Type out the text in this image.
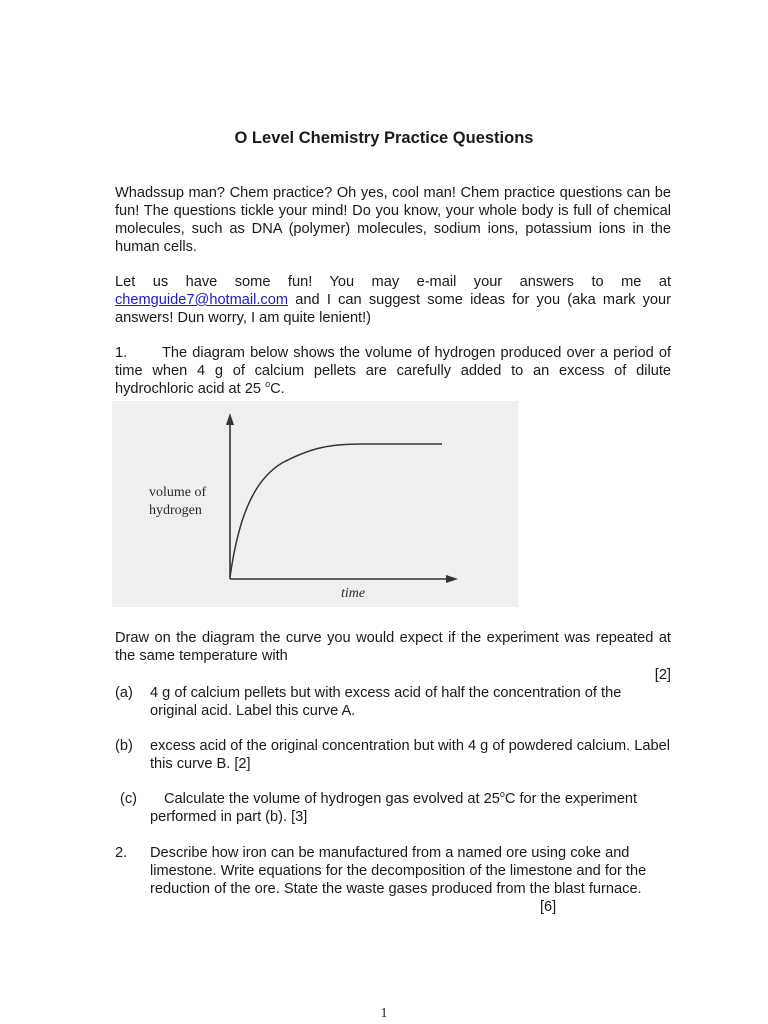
O Level Chemistry Practice Questions

Whadssup man? Chem practice? Oh yes, cool man! Chem practice questions can be fun! The questions tickle your mind! Do you know, your whole body is full of chemical molecules, such as DNA (polymer) molecules, sodium ions, potassium ions in the human cells.

Let us have some fun! You may e-mail your answers to me at
chemguide7@hotmail.com and I can suggest some ideas for you (aka mark your answers! Dun worry, I am quite lenient!)

1. The diagram below shows the volume of hydrogen produced over a period of time when 4 g of calcium pellets are carefully added to an excess of dilute hydrochloric acid at 25 $^o$C.

volume of
hydrogen
time

Draw on the diagram the curve you would expect if the experiment was repeated at the same temperature with

[2]
(a) 4 g of calcium pellets but with excess acid of half the concentration of the original acid. Label this curve A.
(b) excess acid of the original concentration but with 4 g of powdered calcium. Label this curve B. [2]
(c)	Calculate the volume of hydrogen gas evolved at 25$^o$C for the experiment performed in part (b). [3]
2. Describe how iron can be manufactured from a named ore using coke and limestone. Write equations for the decomposition of the limestone and for the reduction of the ore. State the waste gases produced from the blast furnace.
[6]
1
